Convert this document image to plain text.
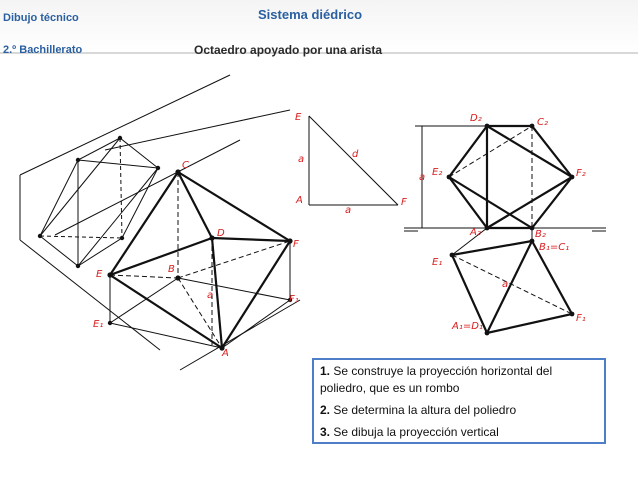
Dibujo técnico
2.º Bachillerato
Sistema diédrico
Octaedro apoyado por una arista
C
D
F
B
E
a	F₁
E₁
A
E
a	d
A
a
F
D₂	C₂
E₂	F₂
a
A₂	B₂
B₁=C₁
E₁
a
A₁=D₁
F₁

1. Se construye la proyección horizontal del poliedro, que es un rombo

2. Se determina la altura del poliedro

3. Se dibuja la proyección vertical
